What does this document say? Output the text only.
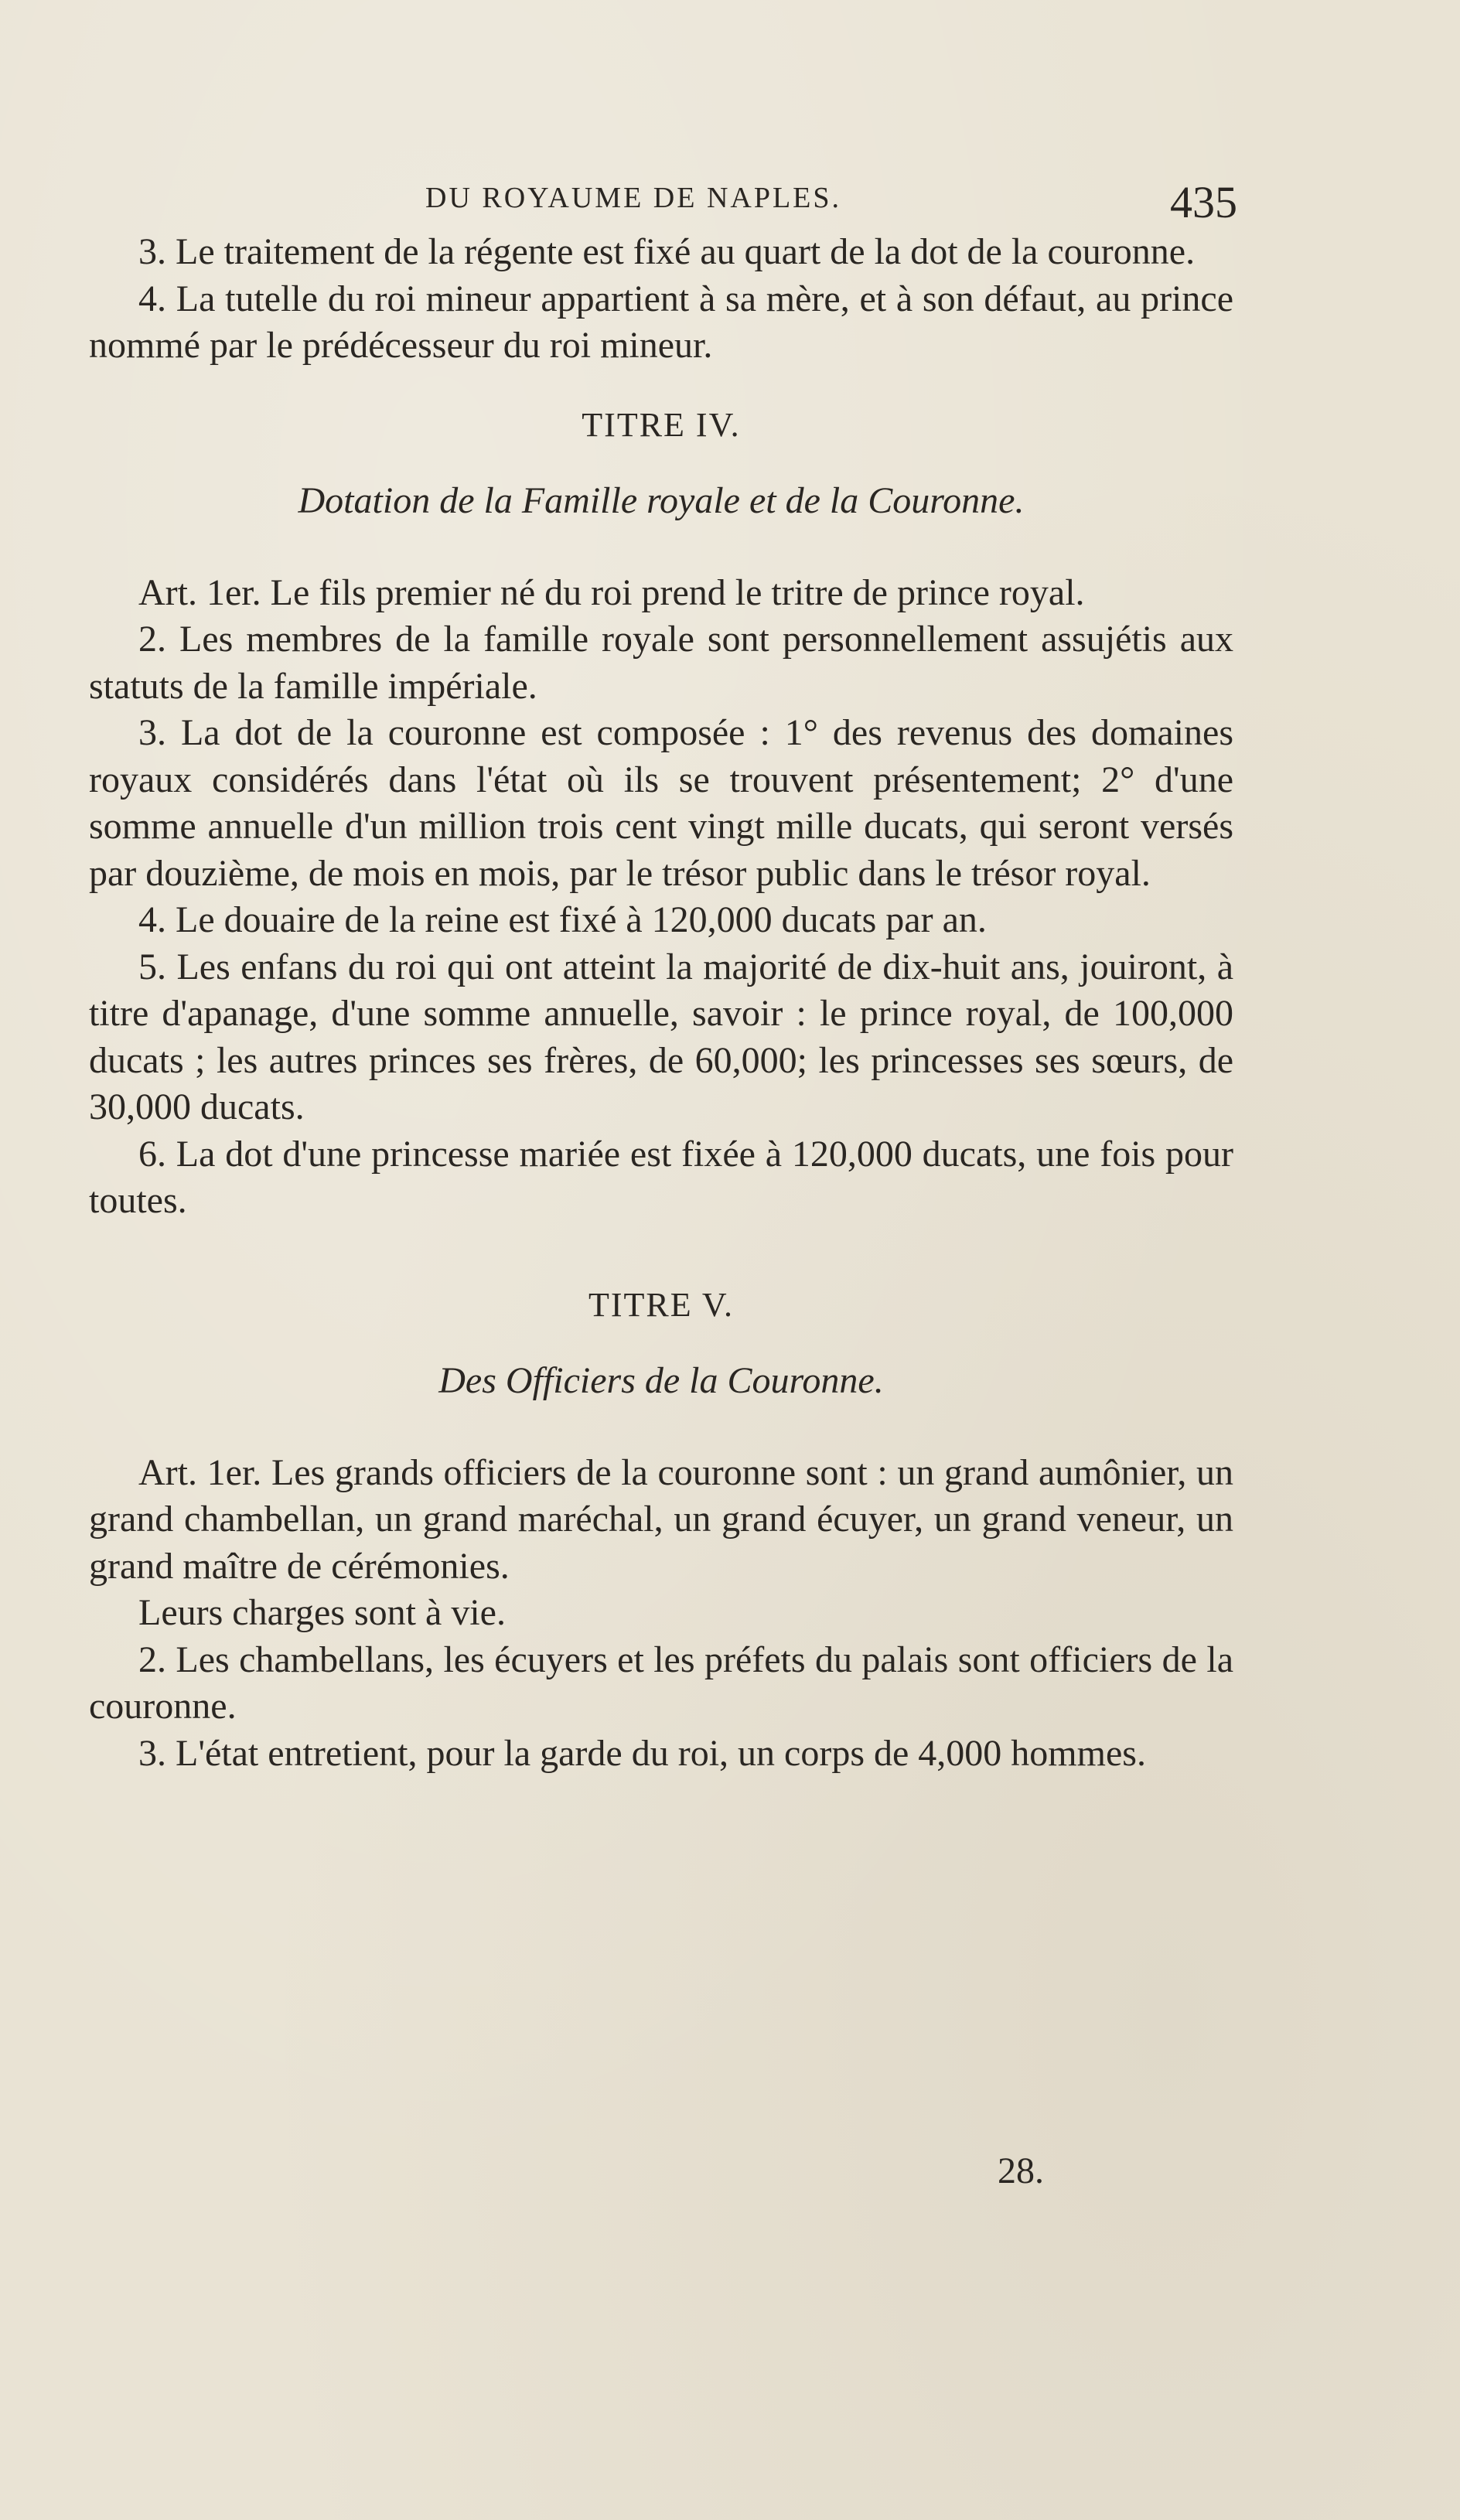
DU ROYAUME DE NAPLES.	435

3. Le traitement de la régente est fixé au quart de la dot de la couronne.

4. La tutelle du roi mineur appartient à sa mère, et à son défaut, au prince nommé par le prédécesseur du roi mineur.

TITRE IV.

Dotation de la Famille royale et de la Couronne.

Art. 1er. Le fils premier né du roi prend le tritre de prince royal.

2. Les membres de la famille royale sont personnellement assujétis aux statuts de la famille impériale.

3. La dot de la couronne est composée : 1° des revenus des domaines royaux considérés dans l'état où ils se trouvent présentement; 2° d'une somme annuelle d'un million trois cent vingt mille ducats, qui seront versés par douzième, de mois en mois, par le trésor public dans le trésor royal.

4. Le douaire de la reine est fixé à 120,000 ducats par an.

5. Les enfans du roi qui ont atteint la majorité de dix-huit ans, jouiront, à titre d'apanage, d'une somme annuelle, savoir : le prince royal, de 100,000 ducats ; les autres princes ses frères, de 60,000; les princesses ses sœurs, de 30,000 ducats.

6. La dot d'une princesse mariée est fixée à 120,000 ducats, une fois pour toutes.

TITRE V.

Des Officiers de la Couronne.

Art. 1er. Les grands officiers de la couronne sont : un grand aumônier, un grand chambellan, un grand maréchal, un grand écuyer, un grand veneur, un grand maître de cérémonies.

Leurs charges sont à vie.

2. Les chambellans, les écuyers et les préfets du palais sont officiers de la couronne.

3. L'état entretient, pour la garde du roi, un corps de 4,000 hommes.

28.
